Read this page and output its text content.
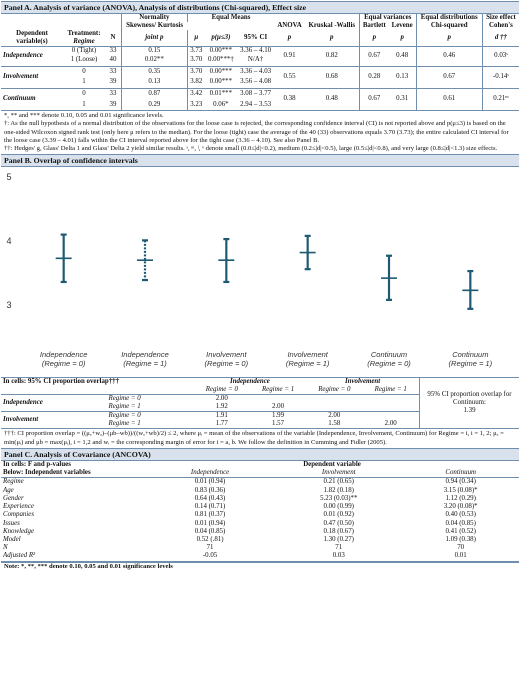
Panel A. Analysis of variance (ANOVA), Analysis of distributions (Chi-squared), Effect size
			Normality	Equal Means					Equal variances		Equal distributions	Size effect
			Skewness/ Kurtosis				ANOVA	Kruskal -Wallis	Bartlett	Levene	Chi-squared	Cohen's
Dependent variable(s)	Treatment:
Regime	N	joint p	μ	p(μ≤3)	95% CI	p	p	p	p	p	d ††
Independence	0 (Tight)	33	0.15	3.73	0.00***	3.36 – 4.10	0.91	0.82	0.67	0.48	0.46	0.03ˢ
	1 (Loose)	40	0.02**	3.70	0.00***†	N/A†						
Involvement	0	33	0.35	3.70	0.00***	3.36 – 4.03	0.55	0.68	0.28	0.13	0.67	-0.14ˢ
	1	39	0.13	3.82	0.00***	3.56 – 4.08						
Continuum	0	33	0.87	3.42	0.01***	3.08 – 3.77	0.38	0.48	0.67	0.31	0.61	0.21ᵐ
	1	39	0.29	3.23	0.06*	2.94 – 3.53						

*, ** and *** denote 0.10, 0.05 and 0.01 significance levels.

†: As the null hypothesis of a normal distribution of the observations for the loose case is rejected, the corresponding confidence interval (CI) is not reported above and p(μ≤3) is based on the one-sided Wilcoxon signed rank test (only here μ refers to the median). For the loose (tight) case the average of the 40 (33) observations equals 3.70 (3.73); the entire calculated CI interval for the loose case (3.39 – 4.01) falls within the CI interval reported above for the tight case (3.36 – 4.10). See also Panel B.

††: Hedges' g, Glass' Delta 1 and Glass' Delta 2 yield similar results. ˢ, ᵐ, ˡ, ᵛ denote small (0.0≤|d|<0.2), medium (0.2≤|d|<0.5), large (0.5≤|d|<0.8), and very large (0.8≤|d|<1.3) size effects.

Panel B. Overlap of confidence intervals
3
4
5
Independence
(Regime = 0)
Independence
(Regime = 1)
Involvement
(Regime = 0)
Involvement
(Regime = 1)
Continuum
(Regime = 0)
Continuum
(Regime = 1)
In cells: 95% CI proportion overlap†††		Independence		Involvement		95% CI proportion overlap for Continuum:
1.39
		Regime = 0	Regime = 1	Regime = 0	Regime = 1	
Independence	Regime = 0	2.00				
	Regime = 1	1.92	2.00			
Involvement	Regime = 0	1.91	1.99	2.00		
	Regime = 1	1.77	1.57	1.58	2.00	
†††: CI proportion overlap = ((μₐ+wₐ)–(μb–wb))/((wₐ+wb)/2) ≤ 2, where μᵢ = mean of the observations of the variable (Independence, Involvement, Continuum) for Regime = i, i = 1, 2; μₐ = min(μᵢ) and μb = max(μᵢ), i = 1,2 and wᵢ = the corresponding margin of error for i = a, b. We follow the definition in Cumming and Fidler (2005).
Panel C. Analysis of Covariance (ANCOVA)
In cells: F and p-values	Dependent variable		
Below: Independent variables	Independence	Involvement	Continuum
Regime	0.01 (0.94)	0.21 (0.65)	0.94 (0.34)
Age	0.83 (0.36)	1.82 (0.18)	3.15 (0.08)*
Gender	0.64 (0.43)	5.23 (0.03)**	1.12 (0.29)
Experience	0.14 (0.71)	0.00 (0.99)	3.20 (0.08)*
Companies	0.81 (0.37)	0.01 (0.92)	0.40 (0.53)
Issues	0.01 (0.94)	0.47 (0.50)	0.04 (0.85)
Knowledge	0.04 (0.85)	0.18 (0.67)	0.41 (0.52)
Model	0.52 (.81)	1.30 (0.27)	1.09 (0.38)
N	71	71	70
Adjusted R²	-0.05	0.03	0.01
Note: *, **, *** denote 0.10, 0.05 and 0.01 significance levels
